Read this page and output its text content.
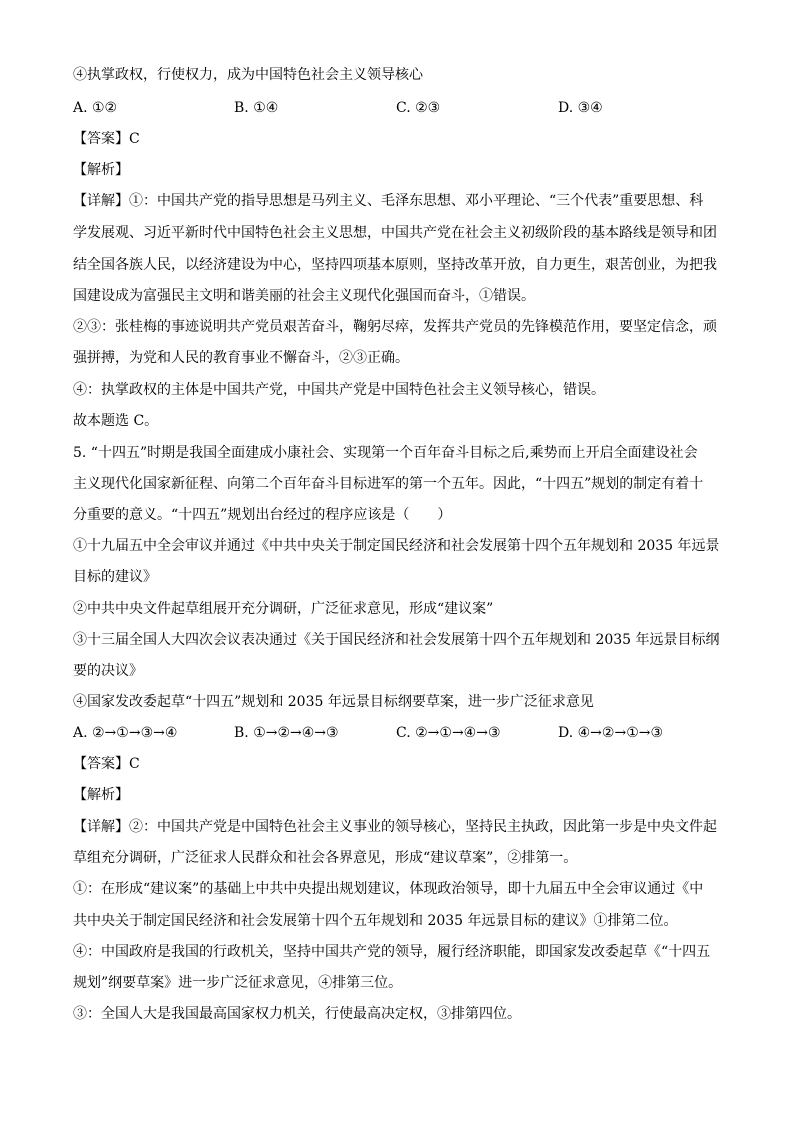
④执掌政权，行使权力，成为中国特色社会主义领导核心
A. ①②	B. ①④	C. ②③	D. ③④
【答案】C
【解析】
【详解】①：中国共产党的指导思想是马列主义、毛泽东思想、邓小平理论、“三个代表”重要思想、科
学发展观、习近平新时代中国特色社会主义思想，中国共产党在社会主义初级阶段的基本路线是领导和团
结全国各族人民，以经济建设为中心，坚持四项基本原则，坚持改革开放，自力更生，艰苦创业，为把我
国建设成为富强民主文明和谐美丽的社会主义现代化强国而奋斗，①错误。
②③：张桂梅的事迹说明共产党员艰苦奋斗，鞠躬尽瘁，发挥共产党员的先锋模范作用，要坚定信念，顽
强拼搏，为党和人民的教育事业不懈奋斗，②③正确。
④：执掌政权的主体是中国共产党，中国共产党是中国特色社会主义领导核心，错误。
故本题选 C。
5. “十四五”时期是我国全面建成小康社会、实现第一个百年奋斗目标之后,乘势而上开启全面建设社会
主义现代化国家新征程、向第二个百年奋斗目标进军的第一个五年。因此，“十四五”规划的制定有着十
分重要的意义。“十四五”规划出台经过的程序应该是（　　）
①十九届五中全会审议并通过《中共中央关于制定国民经济和社会发展第十四个五年规划和 2035 年远景
目标的建议》
②中共中央文件起草组展开充分调研，广泛征求意见，形成“建议案”
③十三届全国人大四次会议表决通过《关于国民经济和社会发展第十四个五年规划和 2035 年远景目标纲
要的决议》
④国家发改委起草“十四五”规划和 2035 年远景目标纲要草案，进一步广泛征求意见
A. ②→①→③→④	B. ①→②→④→③	C. ②→①→④→③	D. ④→②→①→③
【答案】C
【解析】
【详解】②：中国共产党是中国特色社会主义事业的领导核心，坚持民主执政，因此第一步是中央文件起
草组充分调研，广泛征求人民群众和社会各界意见，形成“建议草案”，②排第一。
①：在形成“建议案”的基础上中共中央提出规划建议，体现政治领导，即十九届五中全会审议通过《中
共中央关于制定国民经济和社会发展第十四个五年规划和 2035 年远景目标的建议》①排第二位。
④：中国政府是我国的行政机关，坚持中国共产党的领导，履行经济职能，即国家发改委起草《“十四五
规划”纲要草案》进一步广泛征求意见，④排第三位。
③：全国人大是我国最高国家权力机关，行使最高决定权，③排第四位。
